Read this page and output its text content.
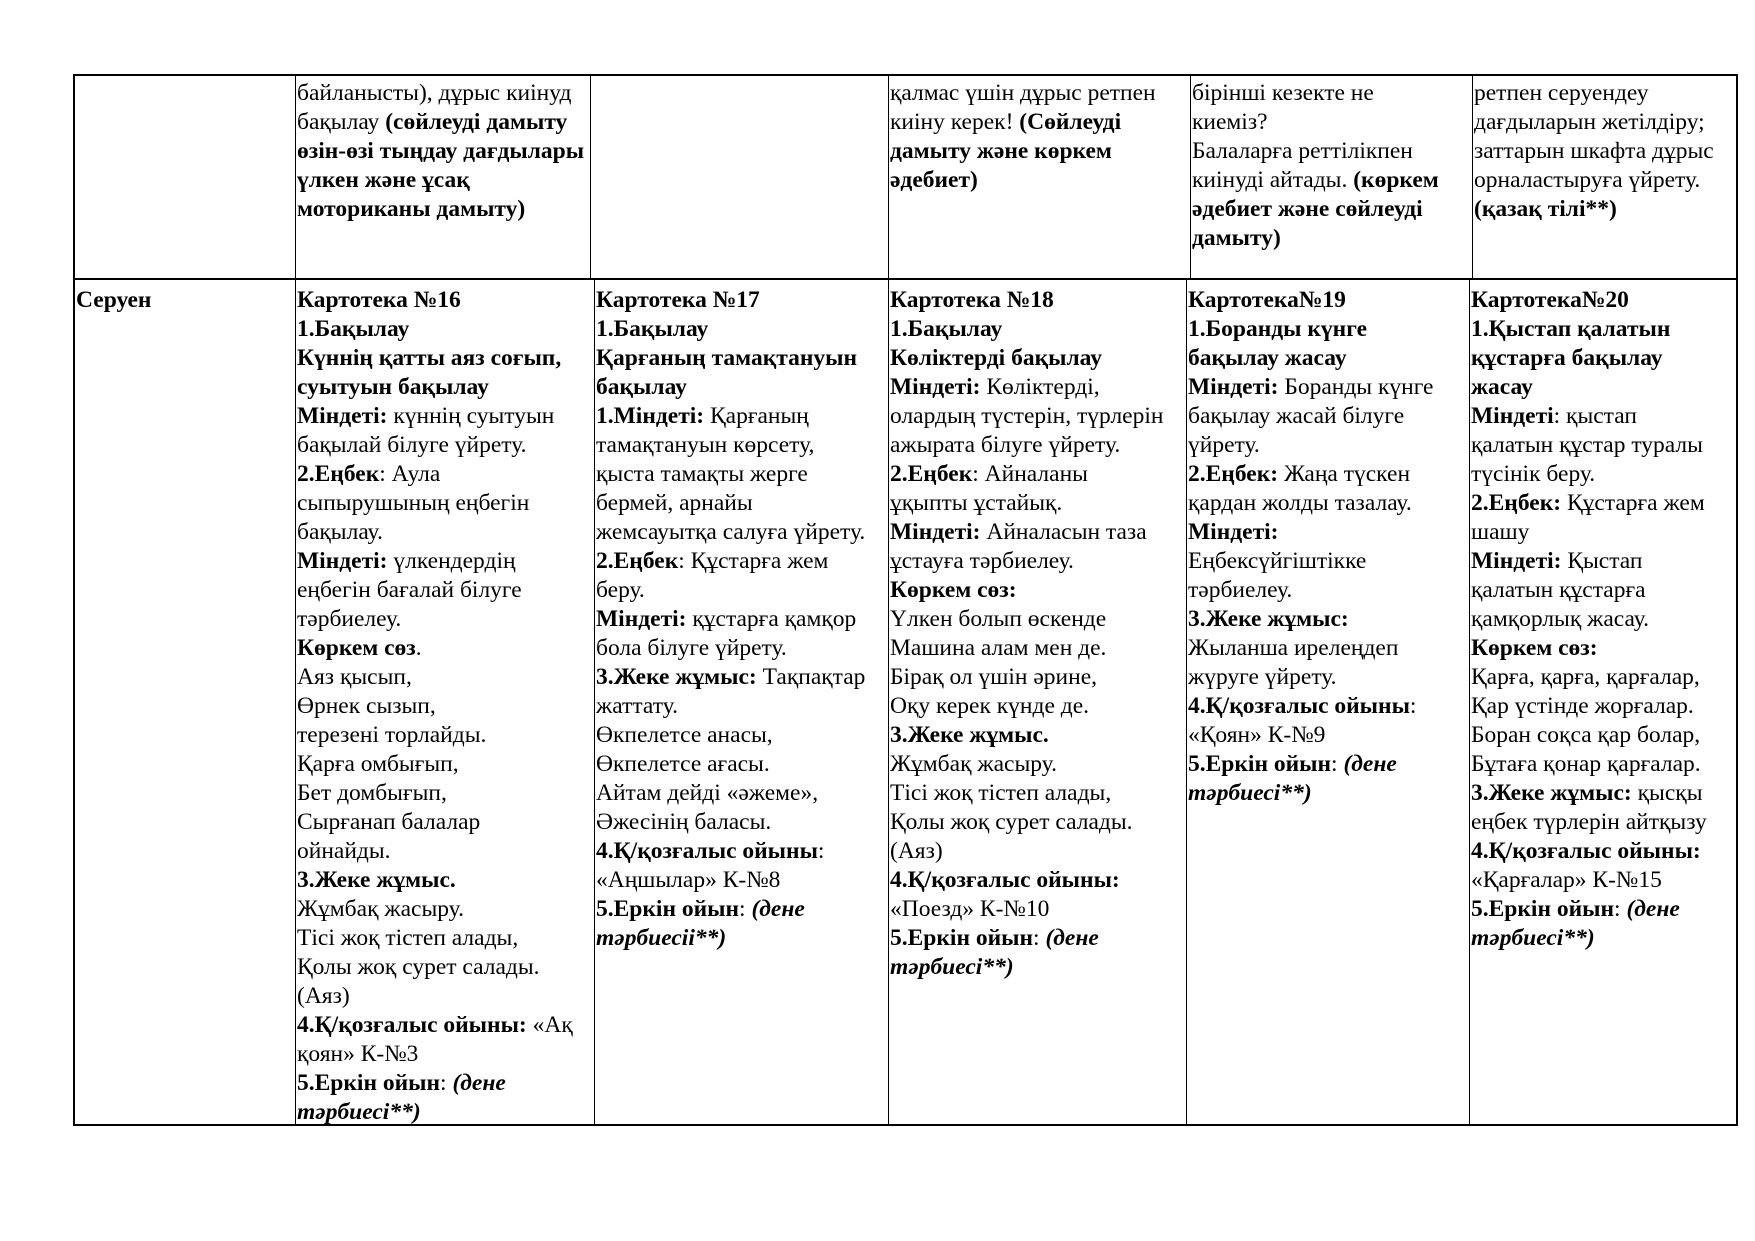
байланысты), дұрыс киінуд
бақылау (сөйлеуді дамыту
өзін-өзі тыңдау дағдылары
үлкен және ұсақ
моториканы дамыту)
қалмас үшін дұрыс ретпен
киіну керек! (Сөйлеуді
дамыту және көркем
әдебиет)
бірінші кезекте не
киеміз?
Балаларға реттілікпен
киінуді айтады. (көркем
әдебиет және сөйлеуді
дамыту)
ретпен серуендеу
дағдыларын жетілдіру;
заттарын шкафта дұрыс
орналастыруға үйрету.
(қазақ тілі**)
Серуен	Картотека №16
1.Бақылау
Күннің қатты аяз соғып,
суытуын бақылау
Міндеті: күннің суытуын
бақылай білуге үйрету.
2.Еңбек: Аула
сыпырушының еңбегін
бақылау.
Міндеті: үлкендердің
еңбегін бағалай білуге
тәрбиелеу.
Көркем сөз.
Аяз қысып,
Өрнек сызып,
терезені торлайды.
Қарға омбығып,
Бет домбығып,
Сырғанап балалар
ойнайды.
3.Жеке жұмыс.
Жұмбақ жасыру.
Тісі жоқ тістеп алады,
Қолы жоқ сурет салады.
(Аяз)
4.Қ/қозғалыс ойыны: «Ақ
қоян» К-№3
5.Еркін ойын: (дене
тәрбиесі**)
Картотека №17
1.Бақылау
Қарғаның тамақтануын
бақылау
1.Міндеті: Қарғаның
тамақтануын көрсету,
қыста тамақты жерге
бермей, арнайы
жемсауытқа салуға үйрету.
2.Еңбек: Құстарға жем
беру.
Міндеті: құстарға қамқор
бола білуге үйрету.
3.Жеке жұмыс: Тақпақтар
жаттату.
Өкпелетсе анасы,
Өкпелетсе ағасы.
Айтам дейді «әжеме»,
Әжесінің баласы.
4.Қ/қозғалыс ойыны:
«Аңшылар» К-№8
5.Еркін ойын: (дене
тәрбиесіі**)
Картотека №18
1.Бақылау
Көліктерді бақылау
Міндеті: Көліктерді,
олардың түстерін, түрлерін
ажырата білуге үйрету.
2.Еңбек: Айналаны
ұқыпты ұстайық.
Міндеті: Айналасын таза
ұстауға тәрбиелеу.
Көркем сөз:
Үлкен болып өскенде
Машина алам мен де.
Бірақ ол үшін әрине,
Оқу керек күнде де.
3.Жеке жұмыс.
Жұмбақ жасыру.
Тісі жоқ тістеп алады,
Қолы жоқ сурет салады.
(Аяз)
4.Қ/қозғалыс ойыны:
«Поезд» К-№10
5.Еркін ойын: (дене
тәрбиесі**)
Картотека№19
1.Боранды күнге
бақылау жасау
Міндеті: Боранды күнге
бақылау жасай білуге
үйрету.
2.Еңбек: Жаңа түскен
қардан жолды тазалау.
Міндеті:
Еңбексүйгіштікке
тәрбиелеу.
3.Жеке жұмыс:
Жыланша ирелеңдеп
жүруге үйрету.
4.Қ/қозғалыс ойыны:
«Қоян» К-№9
5.Еркін ойын: (дене
тәрбиесі**)
Картотека№20
1.Қыстап қалатын
құстарға бақылау
жасау
Міндеті: қыстап
қалатын құстар туралы
түсінік беру.
2.Еңбек: Құстарға жем
шашу
Міндеті: Қыстап
қалатын құстарға
қамқорлық жасау.
Көркем сөз:
Қарға, қарға, қарғалар,
Қар үстінде жорғалар.
Боран соқса қар болар,
Бұтаға қонар қарғалар.
3.Жеке жұмыс: қысқы
еңбек түрлерін айтқызу
4.Қ/қозғалыс ойыны:
«Қарғалар» К-№15
5.Еркін ойын: (дене
тәрбиесі**)
